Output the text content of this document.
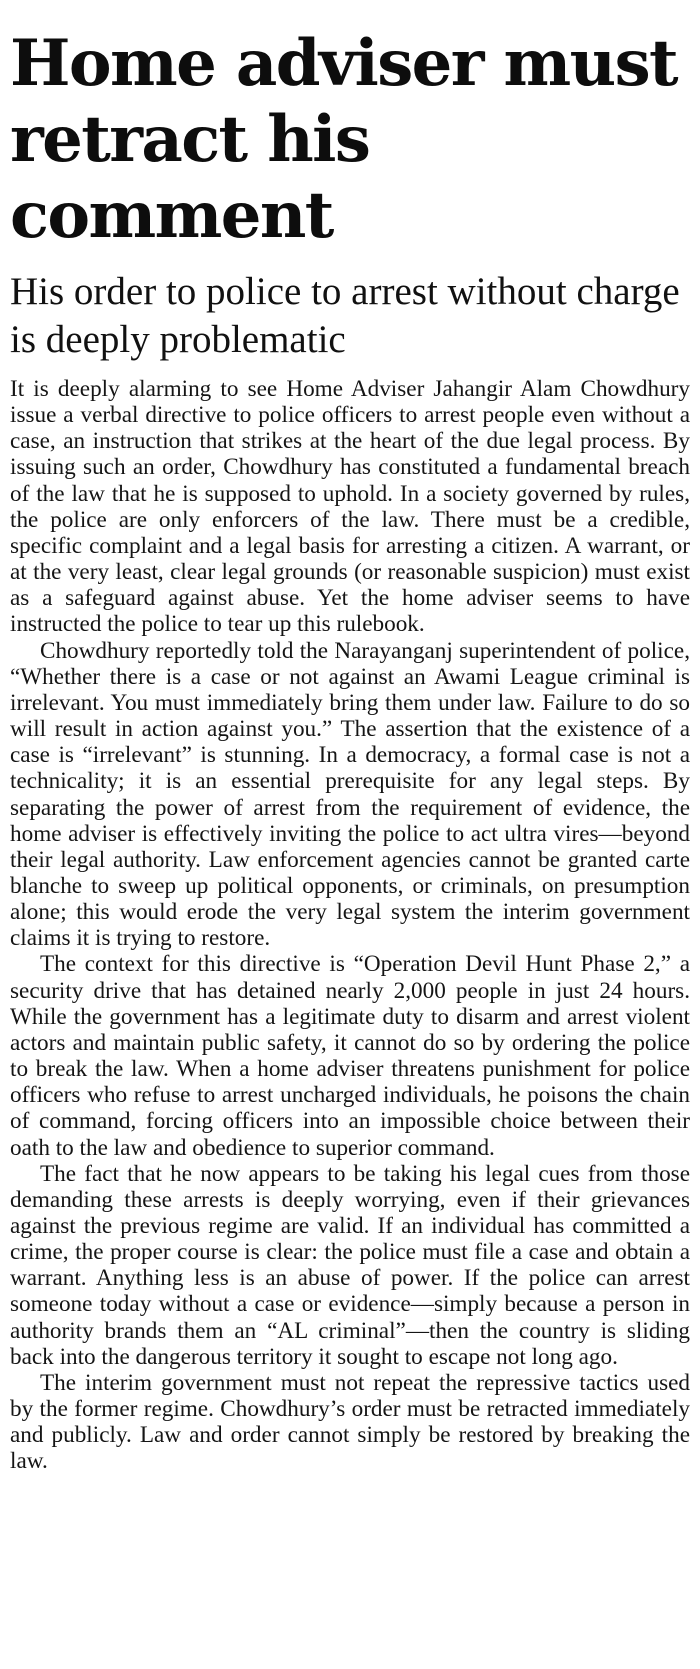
Home adviser must retract his comment
His order to police to arrest without charge is deeply problematic

It is deeply alarming to see Home Adviser Jahangir Alam Chowdhury issue a verbal directive to police officers to arrest people even without a case, an instruction that strikes at the heart of the due legal process. By issuing such an order, Chowdhury has constituted a fundamental breach of the law that he is supposed to uphold. In a society governed by rules, the police are only enforcers of the law. There must be a credible, specific complaint and a legal basis for arresting a citizen. A warrant, or at the very least, clear legal grounds (or reasonable suspicion) must exist as a safeguard against abuse. Yet the home adviser seems to have instructed the police to tear up this rulebook.

Chowdhury reportedly told the Narayanganj superintendent of police, “Whether there is a case or not against an Awami League criminal is irrelevant. You must immediately bring them under law. Failure to do so will result in action against you.” The assertion that the existence of a case is “irrelevant” is stunning. In a democracy, a formal case is not a technicality; it is an essential prerequisite for any legal steps. By separating the power of arrest from the requirement of evidence, the home adviser is effectively inviting the police to act ultra vires—beyond their legal authority. Law enforcement agencies cannot be granted carte blanche to sweep up political opponents, or criminals, on presumption alone; this would erode the very legal system the interim government claims it is trying to restore.

The context for this directive is “Operation Devil Hunt Phase 2,” a security drive that has detained nearly 2,000 people in just 24 hours. While the government has a legitimate duty to disarm and arrest violent actors and maintain public safety, it cannot do so by ordering the police to break the law. When a home adviser threatens punishment for police officers who refuse to arrest uncharged individuals, he poisons the chain of command, forcing officers into an impossible choice between their oath to the law and obedience to superior command.

The fact that he now appears to be taking his legal cues from those demanding these arrests is deeply worrying, even if their grievances against the previous regime are valid. If an individual has committed a crime, the proper course is clear: the police must file a case and obtain a warrant. Anything less is an abuse of power. If the police can arrest someone today without a case or evidence—simply because a person in authority brands them an “AL criminal”—then the country is sliding back into the dangerous territory it sought to escape not long ago.

The interim government must not repeat the repressive tactics used by the former regime. Chowdhury’s order must be retracted immediately and publicly. Law and order cannot simply be restored by breaking the law.
